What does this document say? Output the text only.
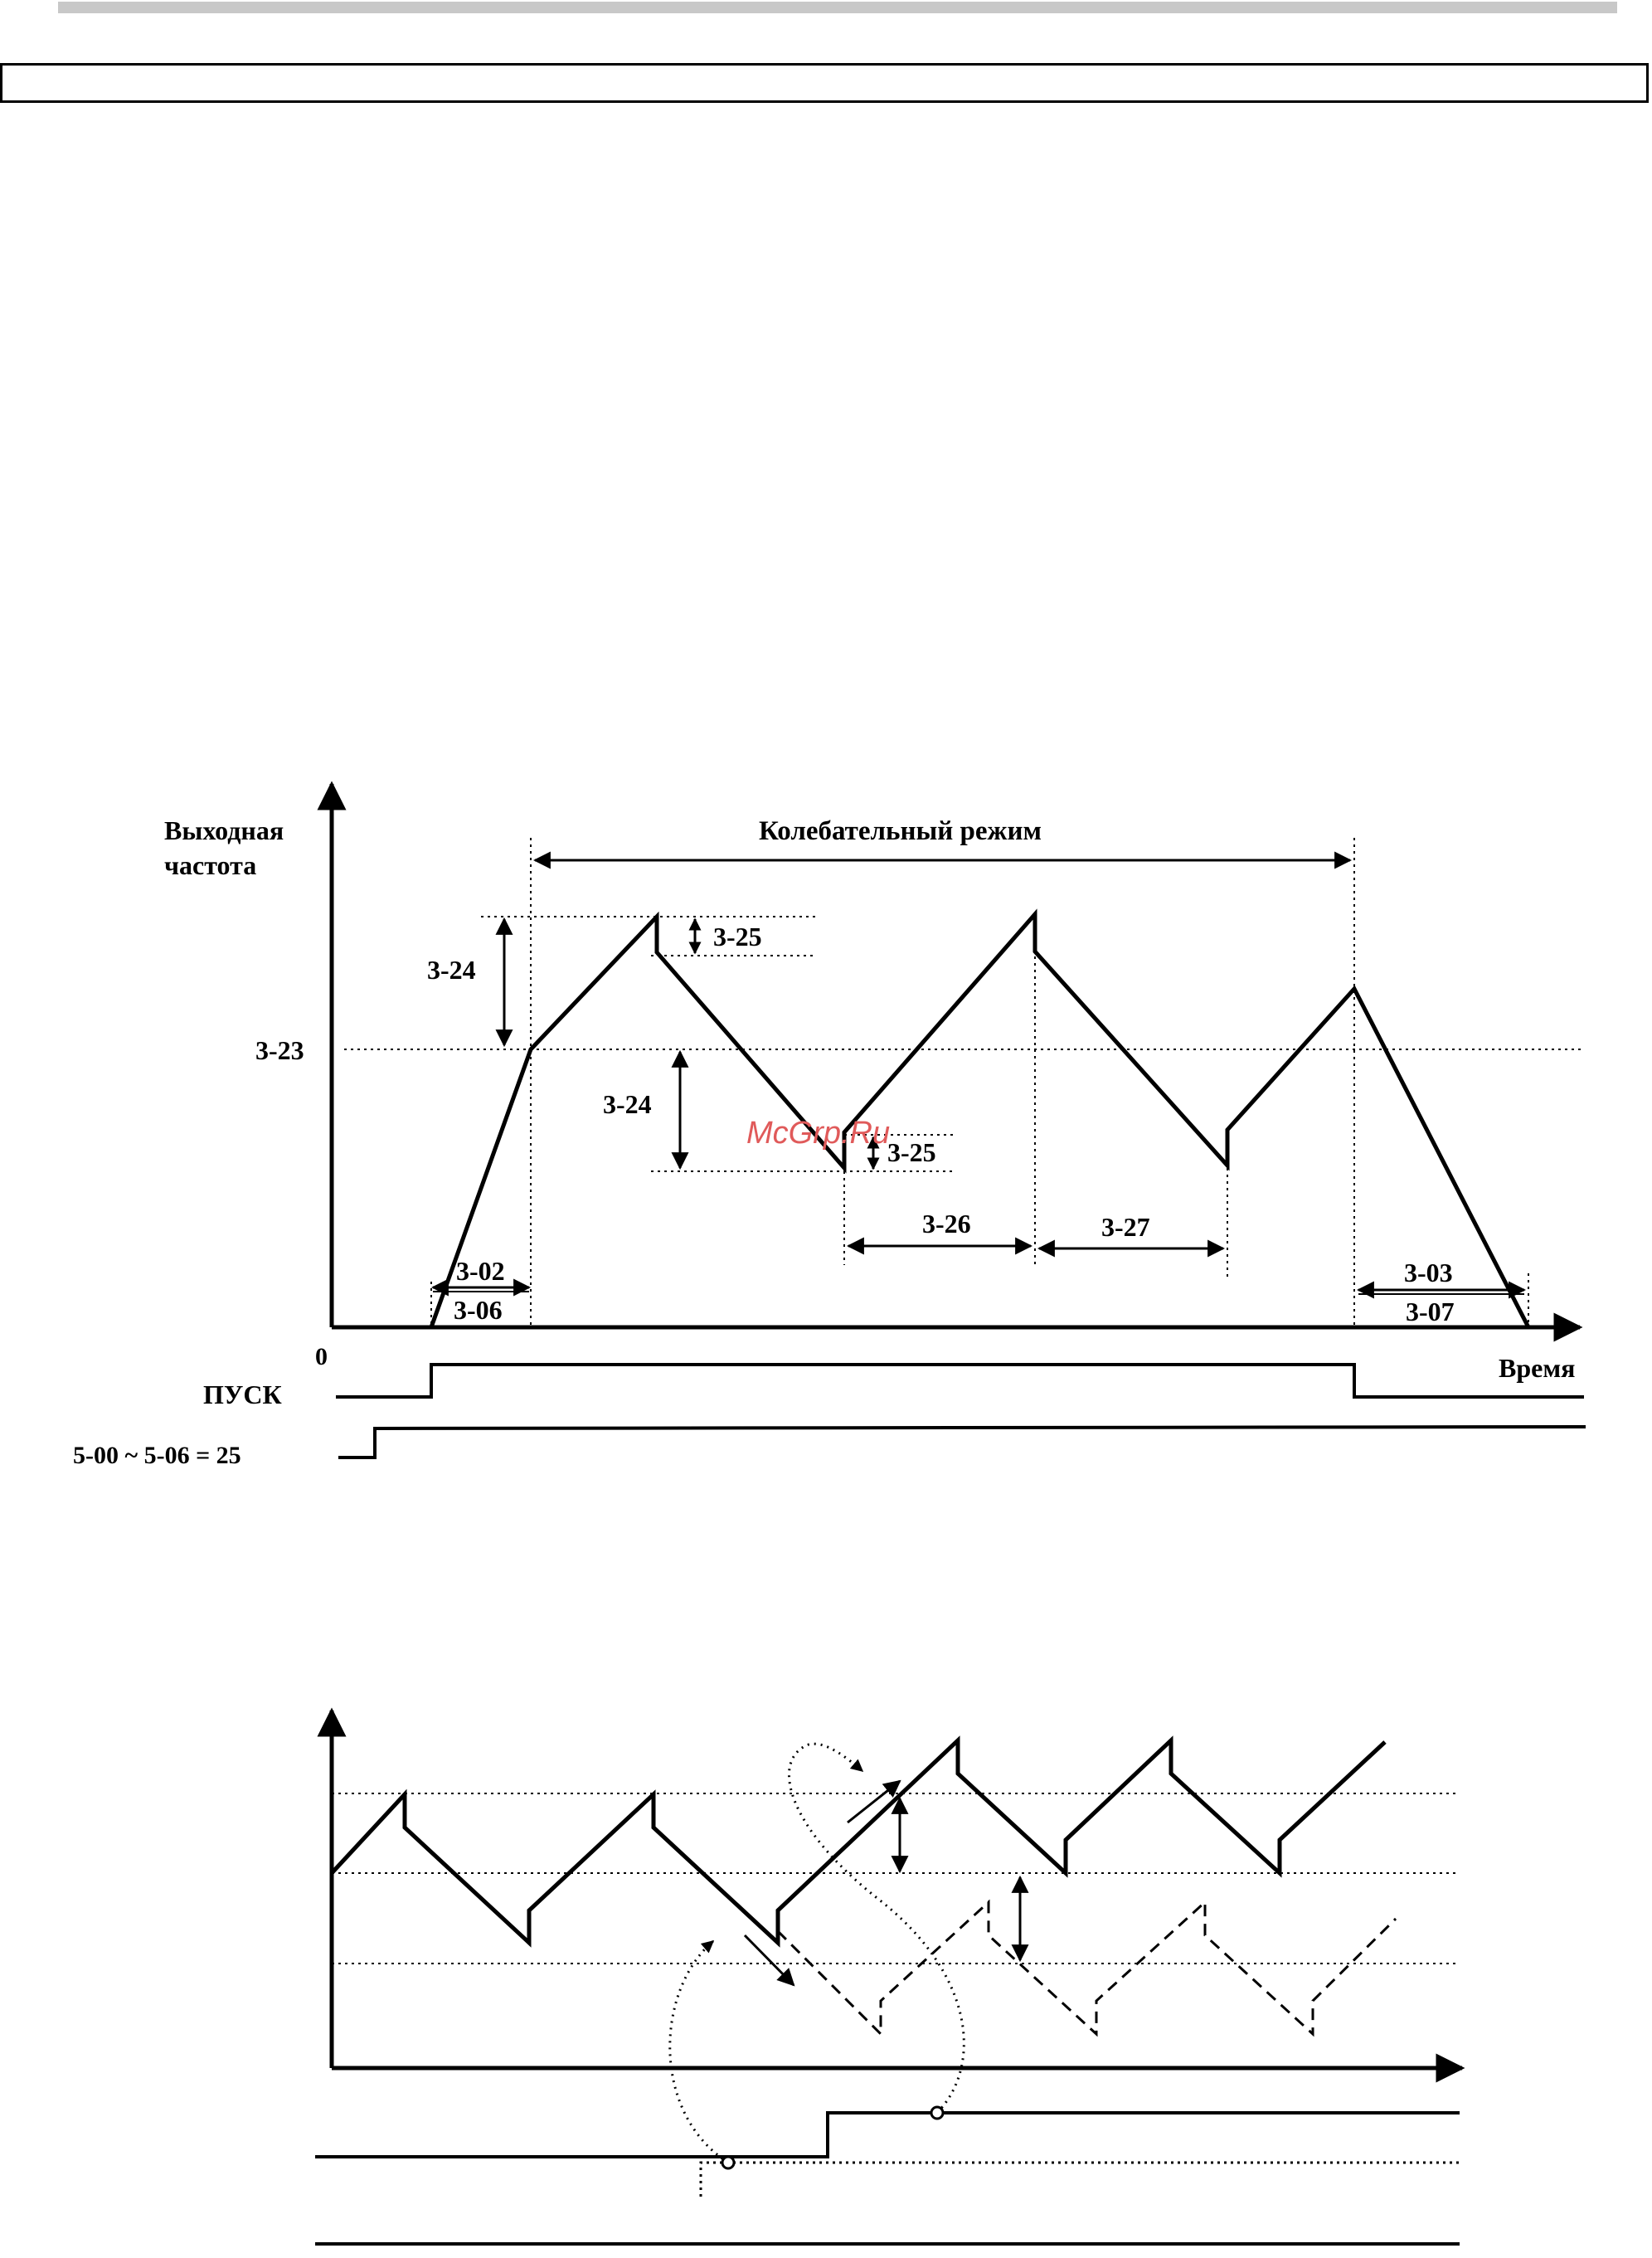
Выходная
частота
Время
0
Колебательный режим
3-23
3-24
3-24
3-25
3-25
3-02
3-06
3-26	3-27
3-03
3-07
McGrp.Ru
ПУСК
5-00 ~ 5-06 = 25
